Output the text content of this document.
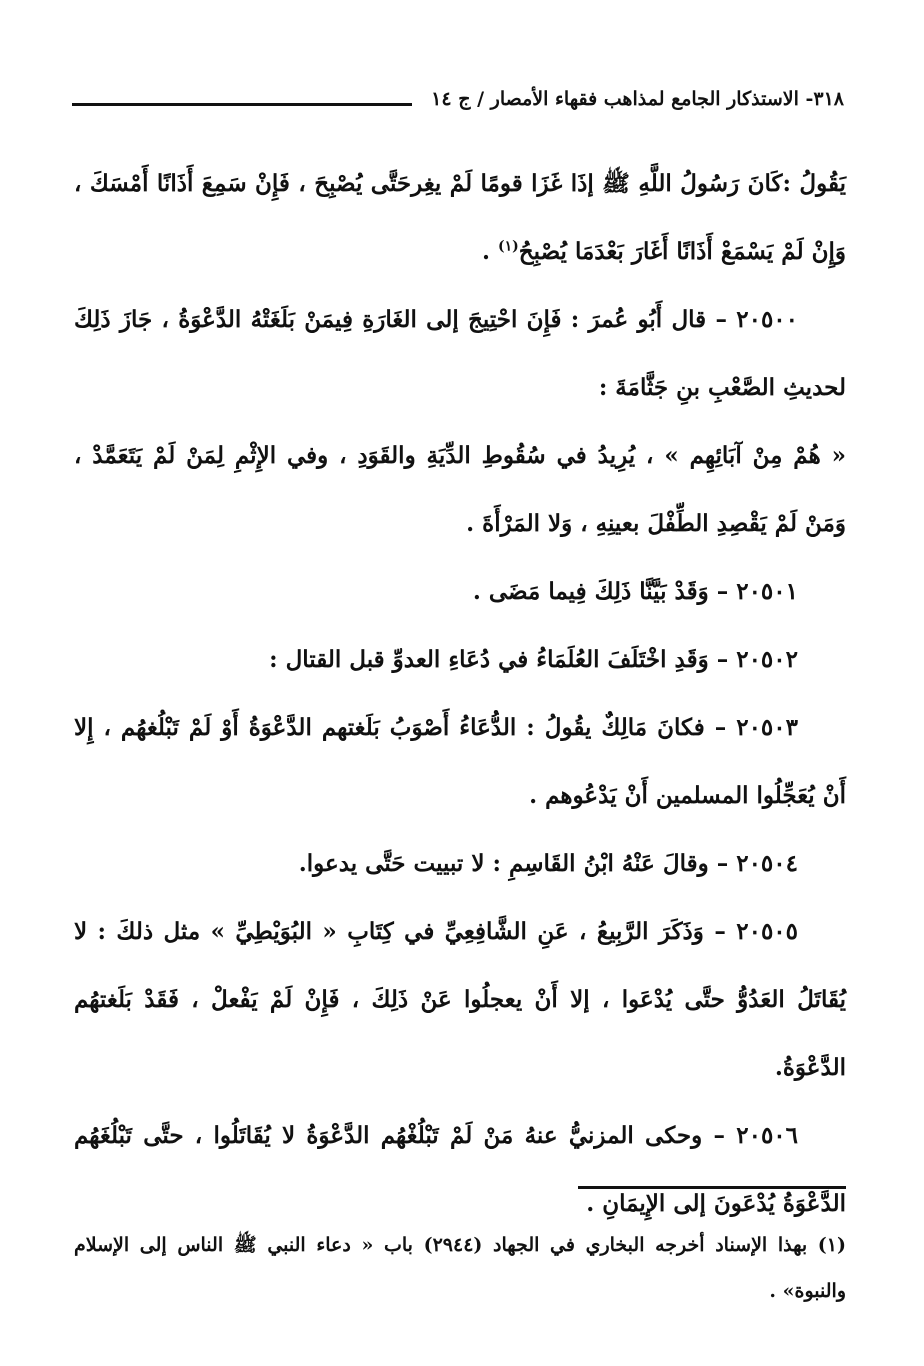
٣١٨- الاستذكار الجامع لمذاهب فقهاء الأمصار / ج ١٤

يَقُولُ :كَانَ رَسُولُ اللَّهِ ﷺ إذَا غَزَا قومًا لَمْ يغِرحَتَّى يُصْبِحَ ، فَإِنْ سَمِعَ أَذَانًا أَمْسَكَ ، وَإِنْ لَمْ يَسْمَعْ أَذَانًا أَغَارَ بَعْدَمَا يُصْبِحُ$^{(١)}$ .

٢٠٥٠٠ – قال أَبُو عُمرَ : فَإِنَ احْتِيجَ إلى الغَارَةِ فِيمَنْ بَلَغَتْهُ الدَّعْوَةُ ، جَازَ ذَلِكَ لحديثِ الصَّعْبِ بنِ جَثَّامَةَ :

« هُمْ مِنْ آبَائِهِم » ، يُرِيدُ في سُقُوطِ الدِّيَةِ والقَوَدِ ، وفي الإِثْمِ لِمَنْ لَمْ يَتَعَمَّدْ ، وَمَنْ لَمْ يَقْصِدِ الطِّفْلَ بعينِهِ ، وَلا المَرْأَةَ .

٢٠٥٠١ – وَقَدْ بَيَّنَّا ذَلِكَ فِيما مَضَى .

٢٠٥٠٢ – وَقَدِ اخْتَلَفَ العُلَمَاءُ في دُعَاءِ العدوِّ قبل القتال :

٢٠٥٠٣ – فكانَ مَالِكٌ يقُولُ : الدُّعَاءُ أَصْوَبُ بَلَغتهم الدَّعْوَةُ أَوْ لَمْ تَبْلُغهُم ، إِلا أَنْ يُعَجِّلُوا المسلمين أَنْ يَدْعُوهم .

٢٠٥٠٤ – وقالَ عَنْهُ ابْنُ القَاسِمِ : لا تبييت حَتَّى يدعوا.

٢٠٥٠٥ – وَذَكَرَ الرَّبِيعُ ، عَنِ الشَّافِعِيِّ في كِتَابِ « البُوَيْطِيِّ » مثل ذلكَ : لا يُقَاتَلُ العَدُوُّ حتَّى يُدْعَوا ، إلا أَنْ يعجلُوا عَنْ ذَلِكَ ، فَإِنْ لَمْ يَفْعلْ ، فَقَدْ بَلَغتهُم الدَّعْوَةُ.

٢٠٥٠٦ – وحكى المزنيُّ عنهُ مَنْ لَمْ تَبْلُغْهُم الدَّعْوَةُ لا يُقَاتَلُوا ، حتَّى تَبْلُغَهُم الدَّعْوَةُ يُدْعَونَ إلى الإِيمَانِ .

(١) بهذا الإسناد أخرجه البخاري في الجهاد (٢٩٤٤) باب « دعاء النبي ﷺ الناس إلى الإسلام والنبوة» .
